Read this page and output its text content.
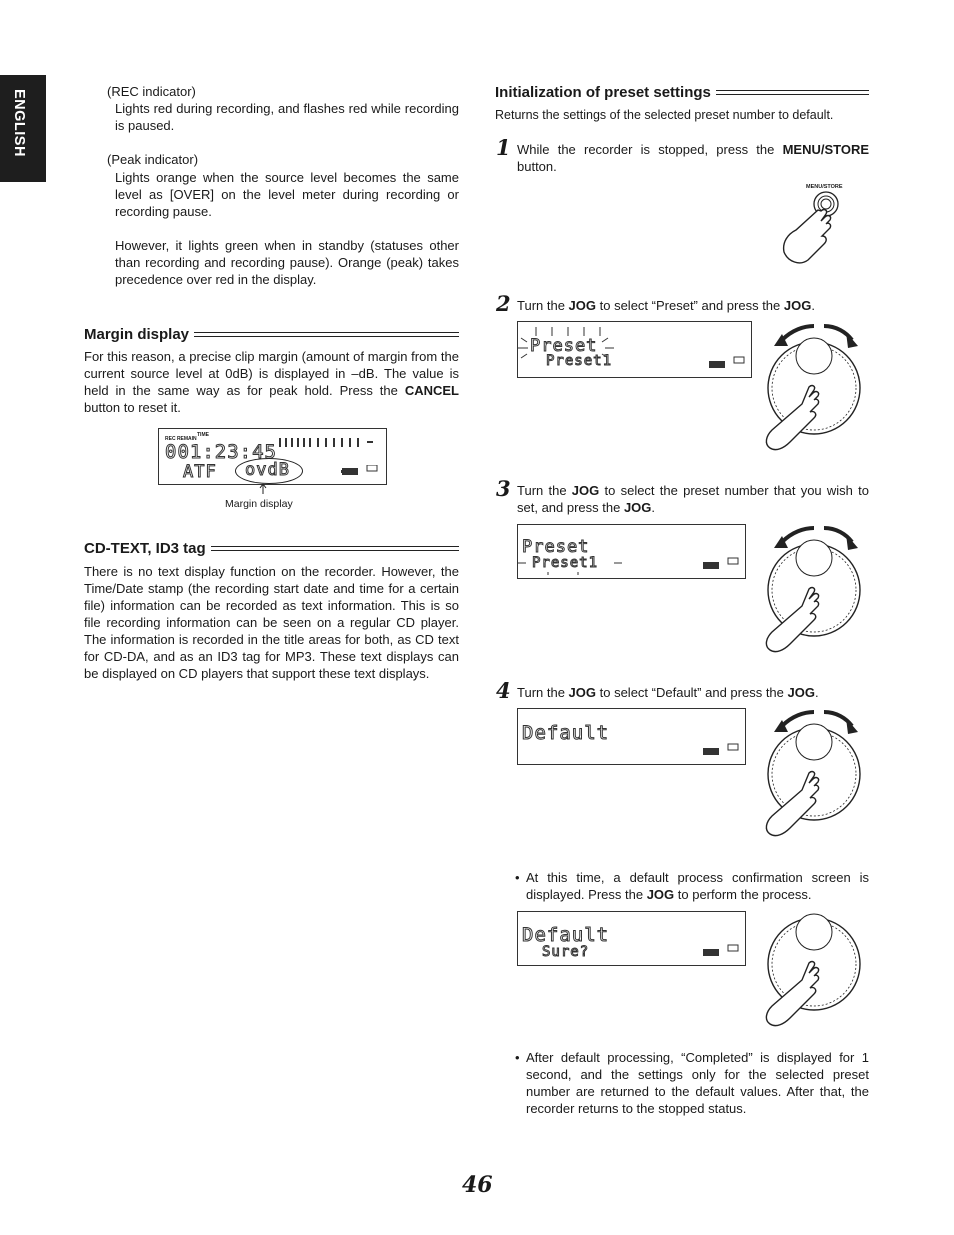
ENGLISH	(REC indicator)
Lights red during recording, and flashes red while recording is paused.
(Peak indicator)
Lights orange when the source level becomes the same level as [OVER] on the level meter during recording or recording pause.
However, it lights green when in standby (statuses other than recording and recording pause). Orange (peak) takes precedence over red in the display.
Margin display
For this reason, a precise clip margin (amount of margin from the current source level at 0dB) is displayed in –dB. The value is held in the same way as for peak hold. Press the CANCEL button to reset it.
REC REMAIN
TIME
001:23:45
ATF ovdB
Margin display
CD-TEXT, ID3 tag
There is no text display function on the recorder. However, the Time/Date stamp (the recording start date and time for a certain file) information can be recorded as text information. This is so file recording information can be seen on a regular CD player. The information is recorded in the title areas for both, as CD text for CD-DA, and as an ID3 tag for MP3. These text displays can be displayed on CD players that support these text displays.
Initialization of preset settings
Returns the settings of the selected preset number to default.
1 While the recorder is stopped, press the MENU/STORE button.
MENU/STORE
2 Turn the JOG to select “Preset” and press the JOG.
Preset
Preset1
3 Turn the JOG to select the preset number that you wish to set, and press the JOG.
Preset
Preset1
4 Turn the JOG to select “Default” and press the JOG.
Default
• At this time, a default process confirmation screen is displayed. Press the JOG to perform the process.
Default
Sure?
• After default processing, “Completed” is displayed for 1 second, and the settings only for the selected preset number are returned to the default values. After that, the recorder returns to the stopped status.
46
